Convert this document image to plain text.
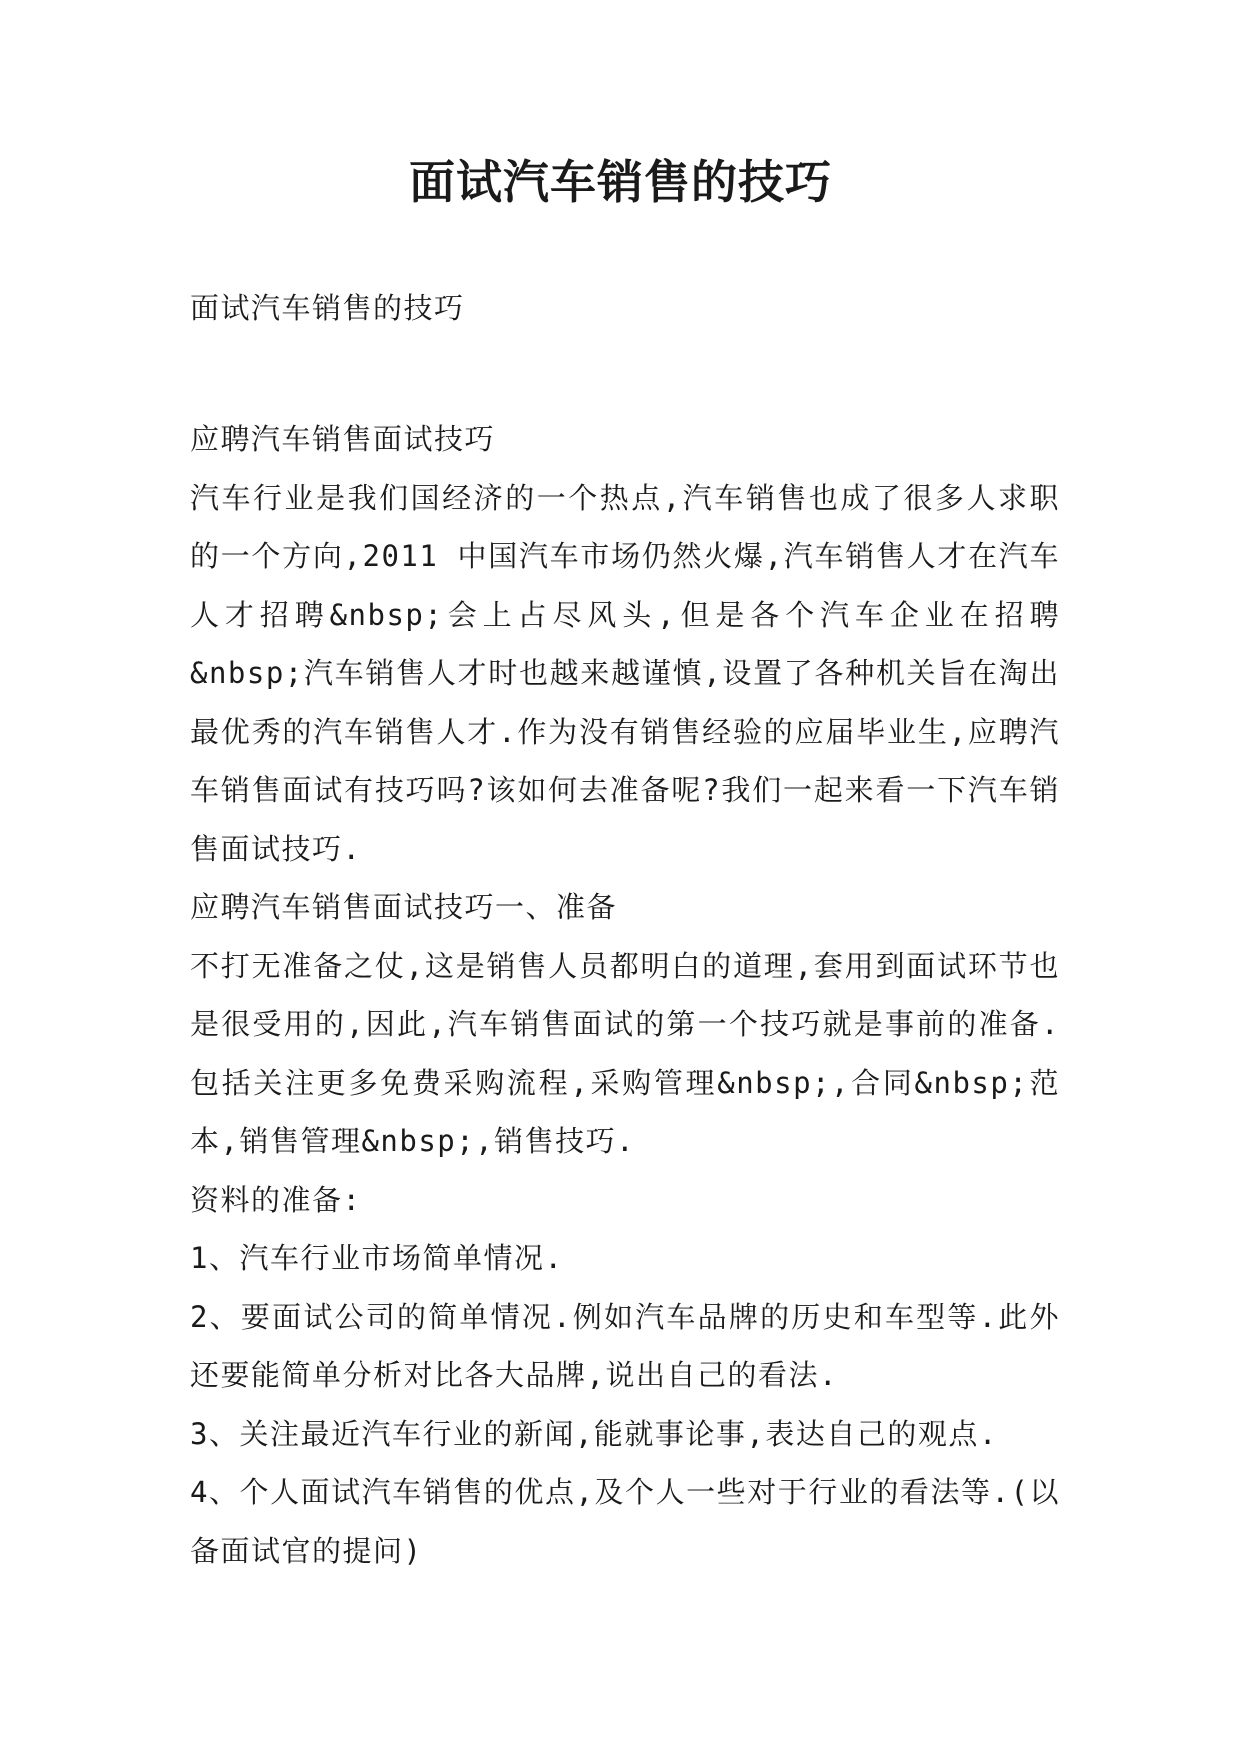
面试汽车销售的技巧

面试汽车销售的技巧

应聘汽车销售面试技巧

汽车行业是我们国经济的一个热点,汽车销售也成了很多人求职的一个方向,2011 中国汽车市场仍然火爆,汽车销售人才在汽车人才招聘&nbsp;会上占尽风头,但是各个汽车企业在招聘&nbsp;汽车销售人才时也越来越谨慎,设置了各种机关旨在淘出最优秀的汽车销售人才.作为没有销售经验的应届毕业生,应聘汽车销售面试有技巧吗?该如何去准备呢?我们一起来看一下汽车销售面试技巧.

应聘汽车销售面试技巧一、准备

不打无准备之仗,这是销售人员都明白的道理,套用到面试环节也是很受用的,因此,汽车销售面试的第一个技巧就是事前的准备.包括关注更多免费采购流程,采购管理&nbsp;,合同&nbsp;范本,销售管理&nbsp;,销售技巧.

资料的准备:

1、汽车行业市场简单情况.

2、要面试公司的简单情况.例如汽车品牌的历史和车型等.此外还要能简单分析对比各大品牌,说出自己的看法.

3、关注最近汽车行业的新闻,能就事论事,表达自己的观点.

4、个人面试汽车销售的优点,及个人一些对于行业的看法等.(以备面试官的提问)
